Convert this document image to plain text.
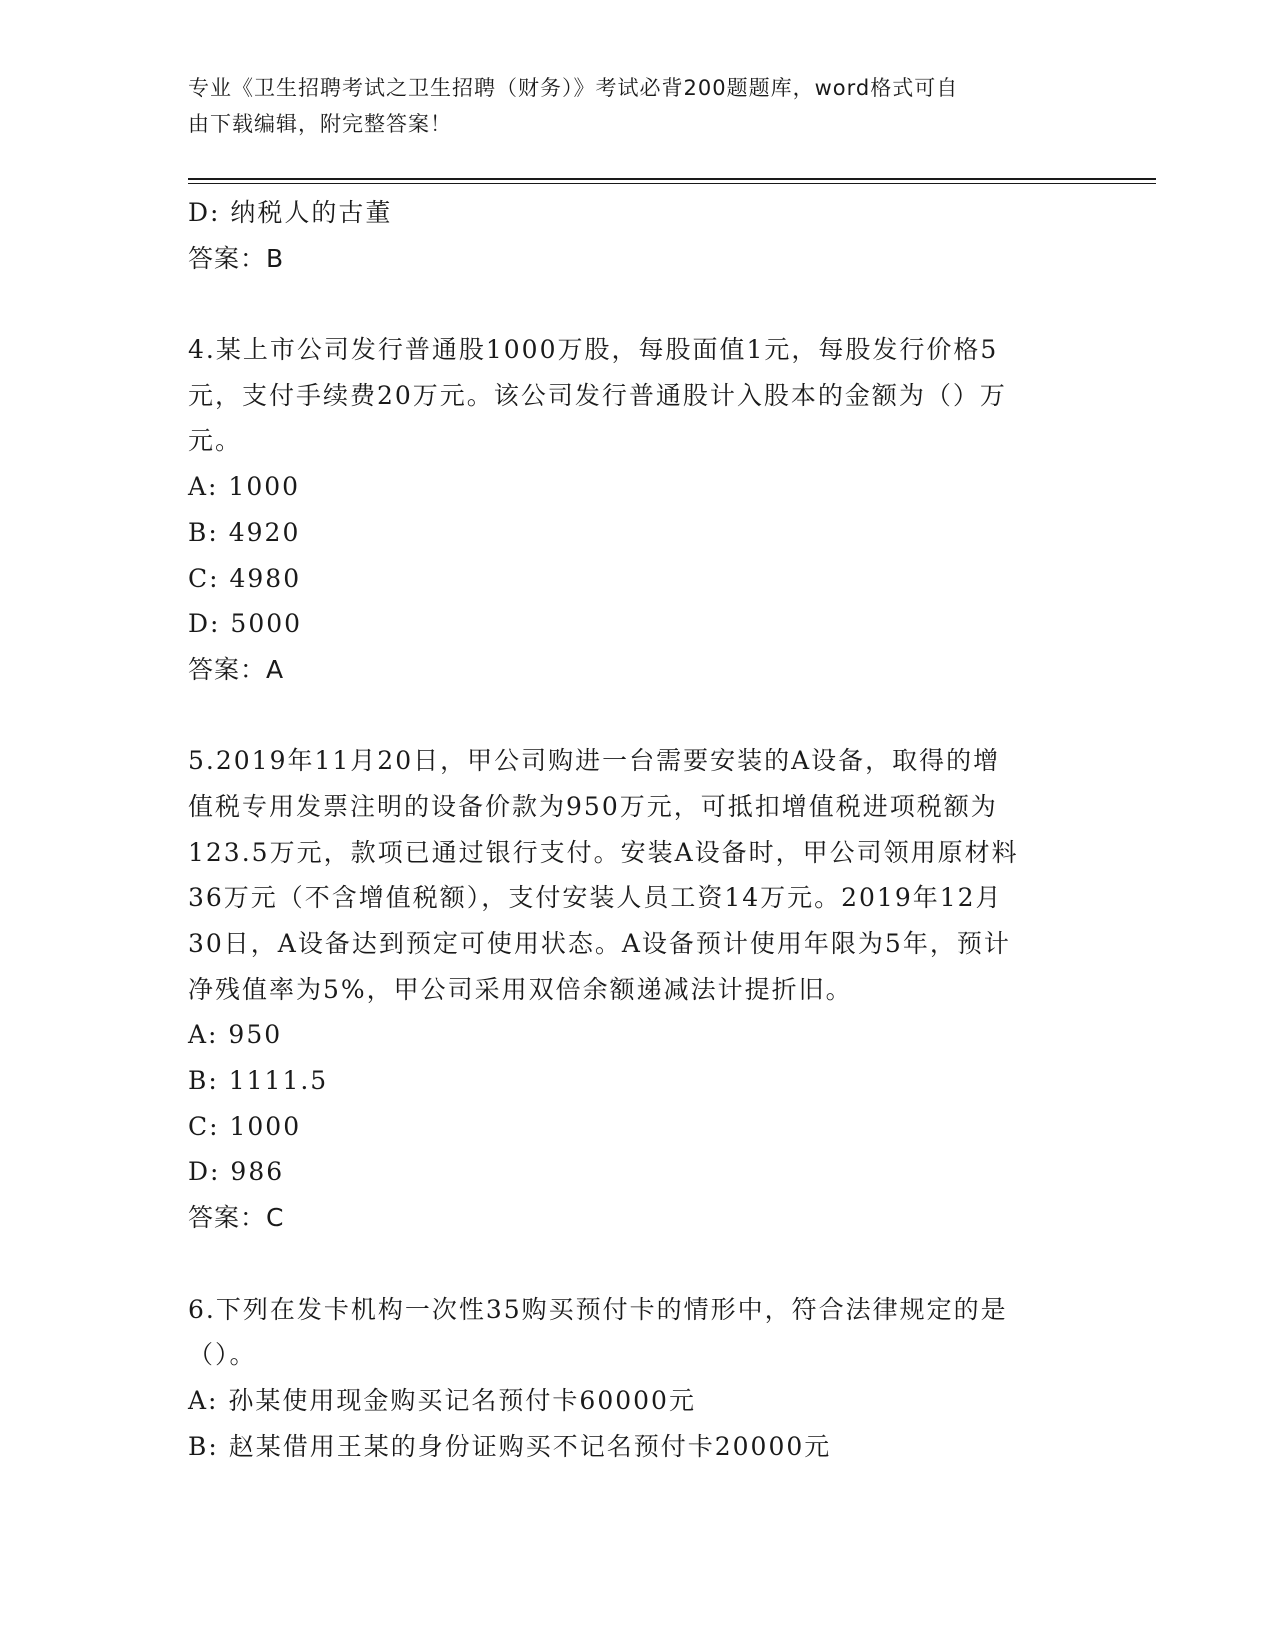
专业《卫生招聘考试之卫生招聘（财务）》考试必背200题题库，word格式可自
由下载编辑，附完整答案！
D: 纳税人的古董
答案：B
4.某上市公司发行普通股1000万股，每股面值1元，每股发行价格5
元，支付手续费20万元。该公司发行普通股计入股本的金额为（）万
元。
A: 1000
B: 4920
C: 4980
D: 5000
答案：A
5.2019年11月20日，甲公司购进一台需要安装的A设备，取得的增
值税专用发票注明的设备价款为950万元，可抵扣增值税进项税额为
123.5万元，款项已通过银行支付。安装A设备时，甲公司领用原材料
36万元（不含增值税额），支付安装人员工资14万元。2019年12月
30日，A设备达到预定可使用状态。A设备预计使用年限为5年，预计
净残值率为5%，甲公司采用双倍余额递减法计提折旧。
A: 950
B: 1111.5
C: 1000
D: 986
答案：C
6.下列在发卡机构一次性35购买预付卡的情形中，符合法律规定的是
（）。
A: 孙某使用现金购买记名预付卡60000元
B: 赵某借用王某的身份证购买不记名预付卡20000元
